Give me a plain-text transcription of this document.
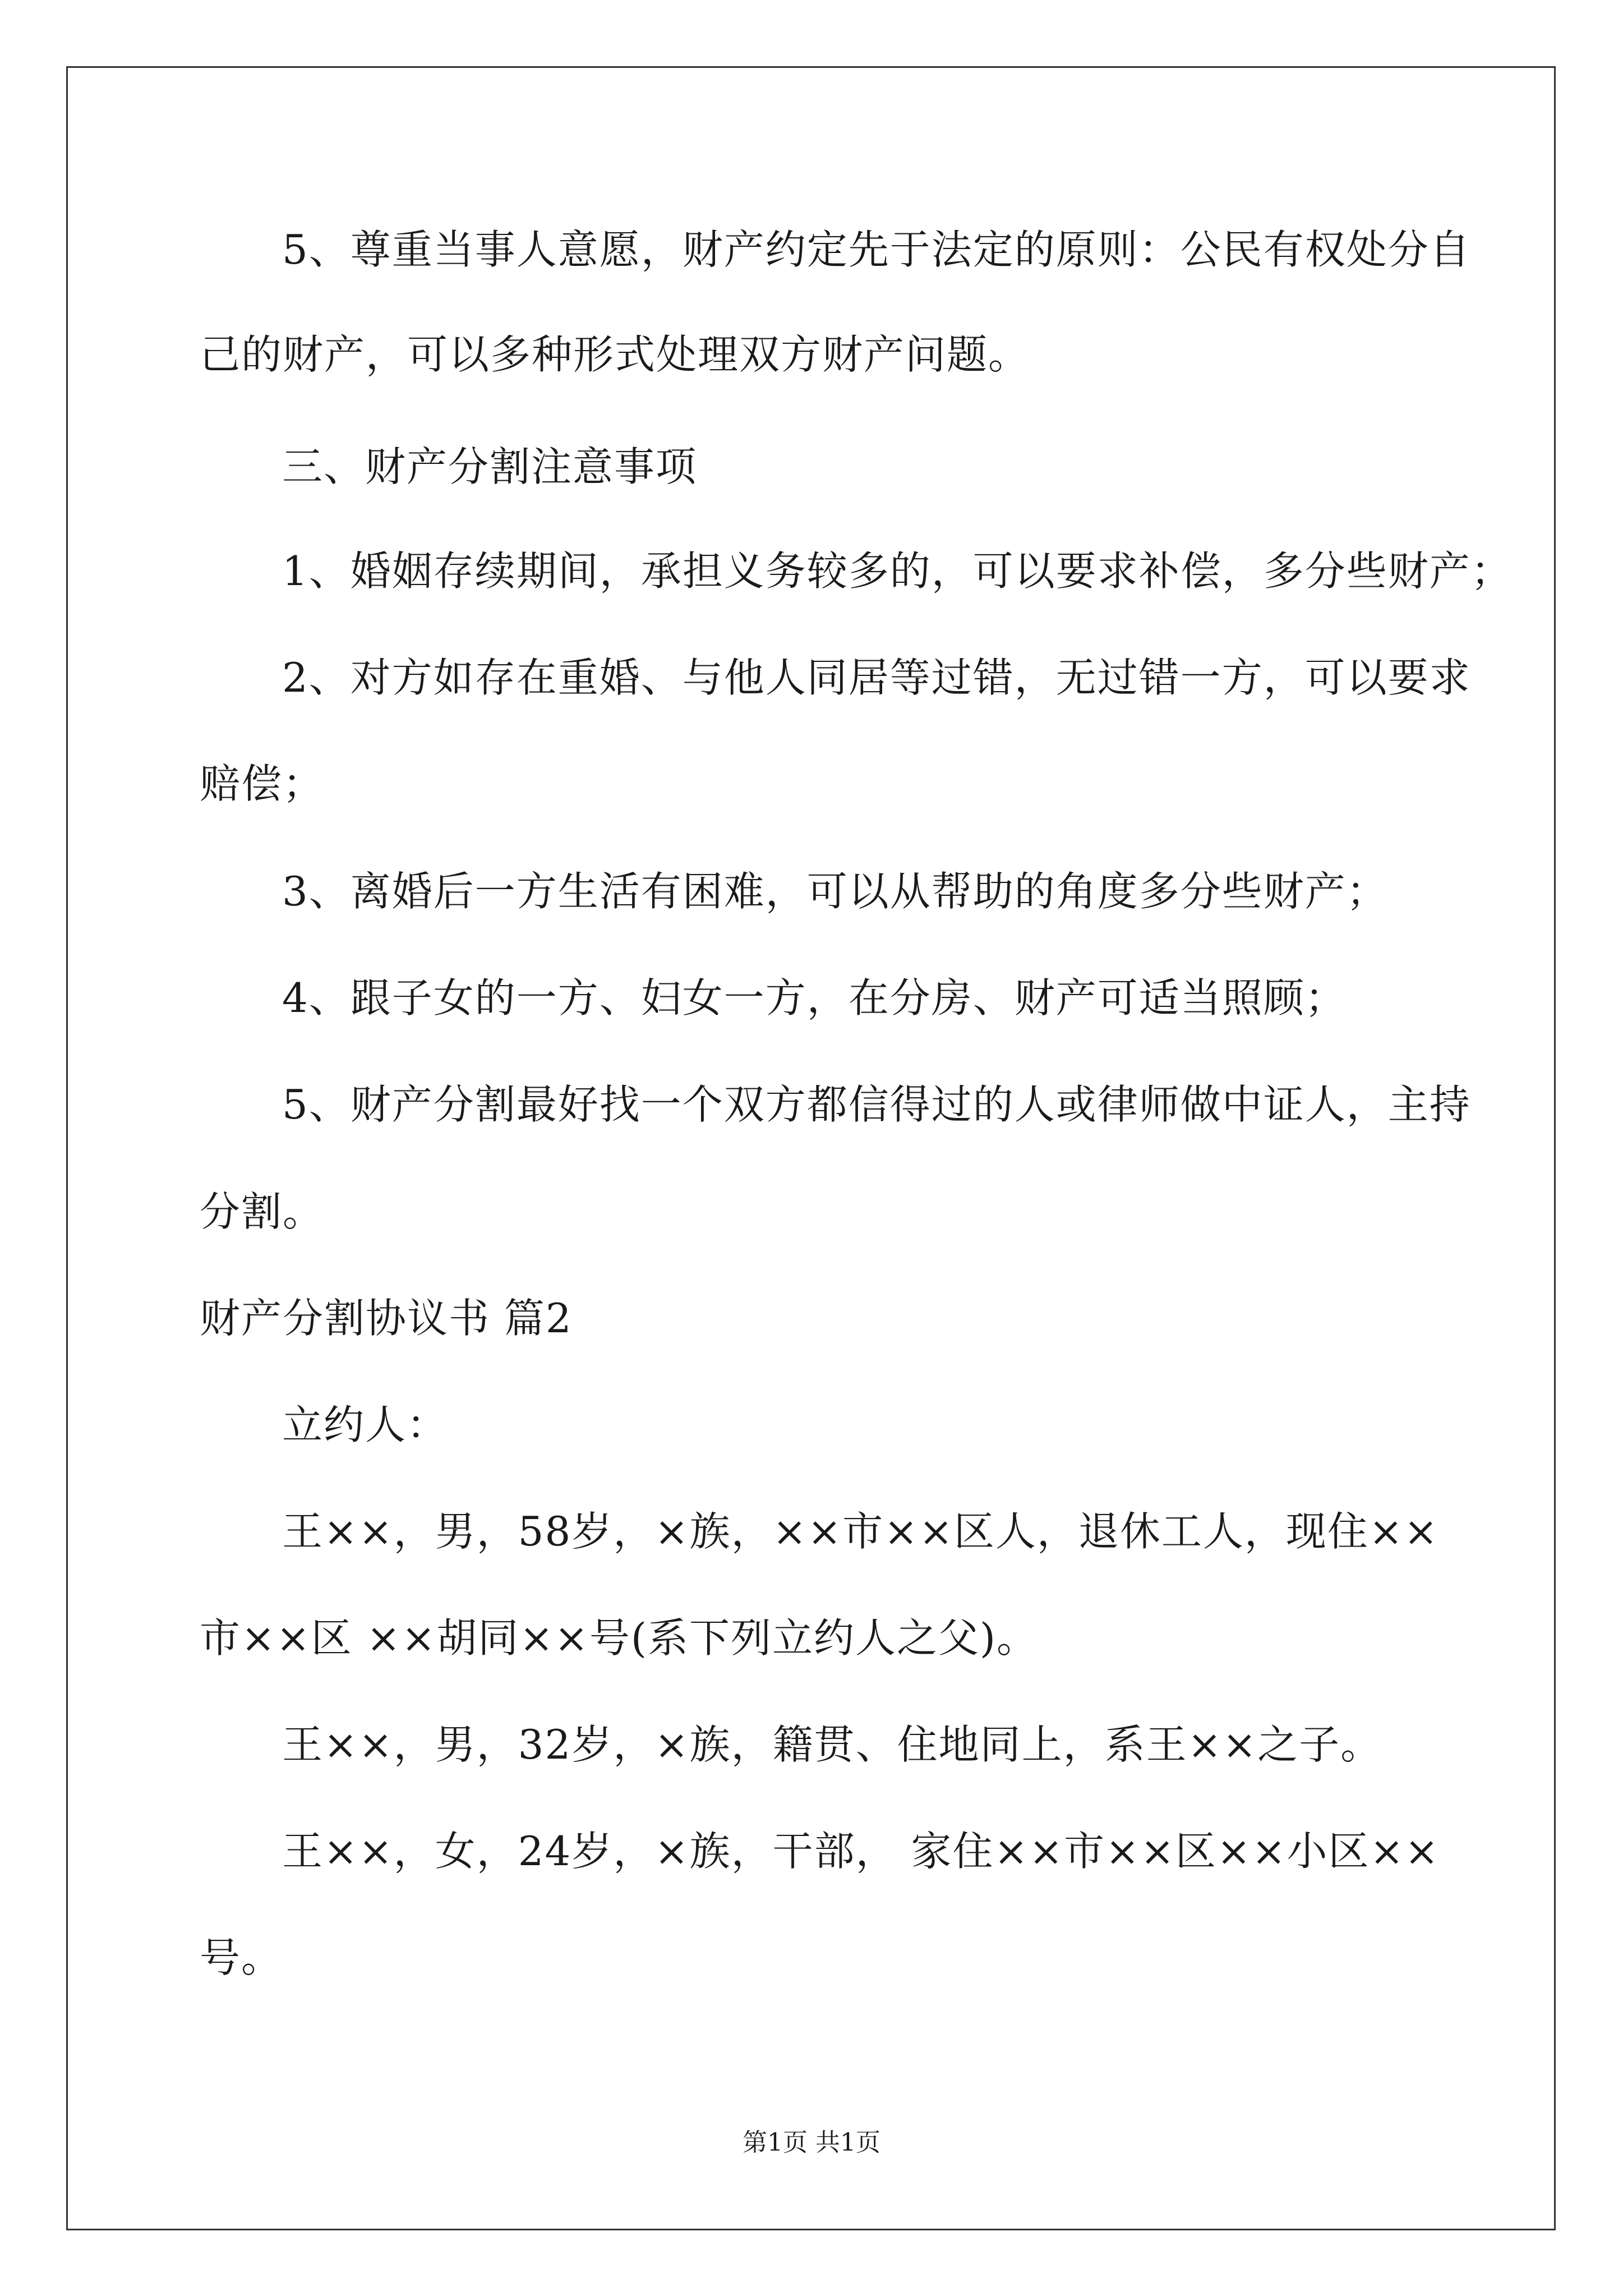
5、尊重当事人意愿，财产约定先于法定的原则：公民有权处分自
己的财产，可以多种形式处理双方财产问题。
三、财产分割注意事项
1、婚姻存续期间，承担义务较多的，可以要求补偿，多分些财产；
2、对方如存在重婚、与他人同居等过错，无过错一方，可以要求
赔偿；
3、离婚后一方生活有困难，可以从帮助的角度多分些财产；
4、跟子女的一方、妇女一方，在分房、财产可适当照顾；
5、财产分割最好找一个双方都信得过的人或律师做中证人，主持
分割。
财产分割协议书 篇2
立约人：
王××，男，58岁，×族，××市××区人，退休工人，现住××
市××区 ××胡同××号(系下列立约人之父)。
王××，男，32岁，×族，籍贯、住地同上，系王××之子。
王××，女，24岁，×族，干部， 家住××市××区××小区××
号。
第1页 共1页
